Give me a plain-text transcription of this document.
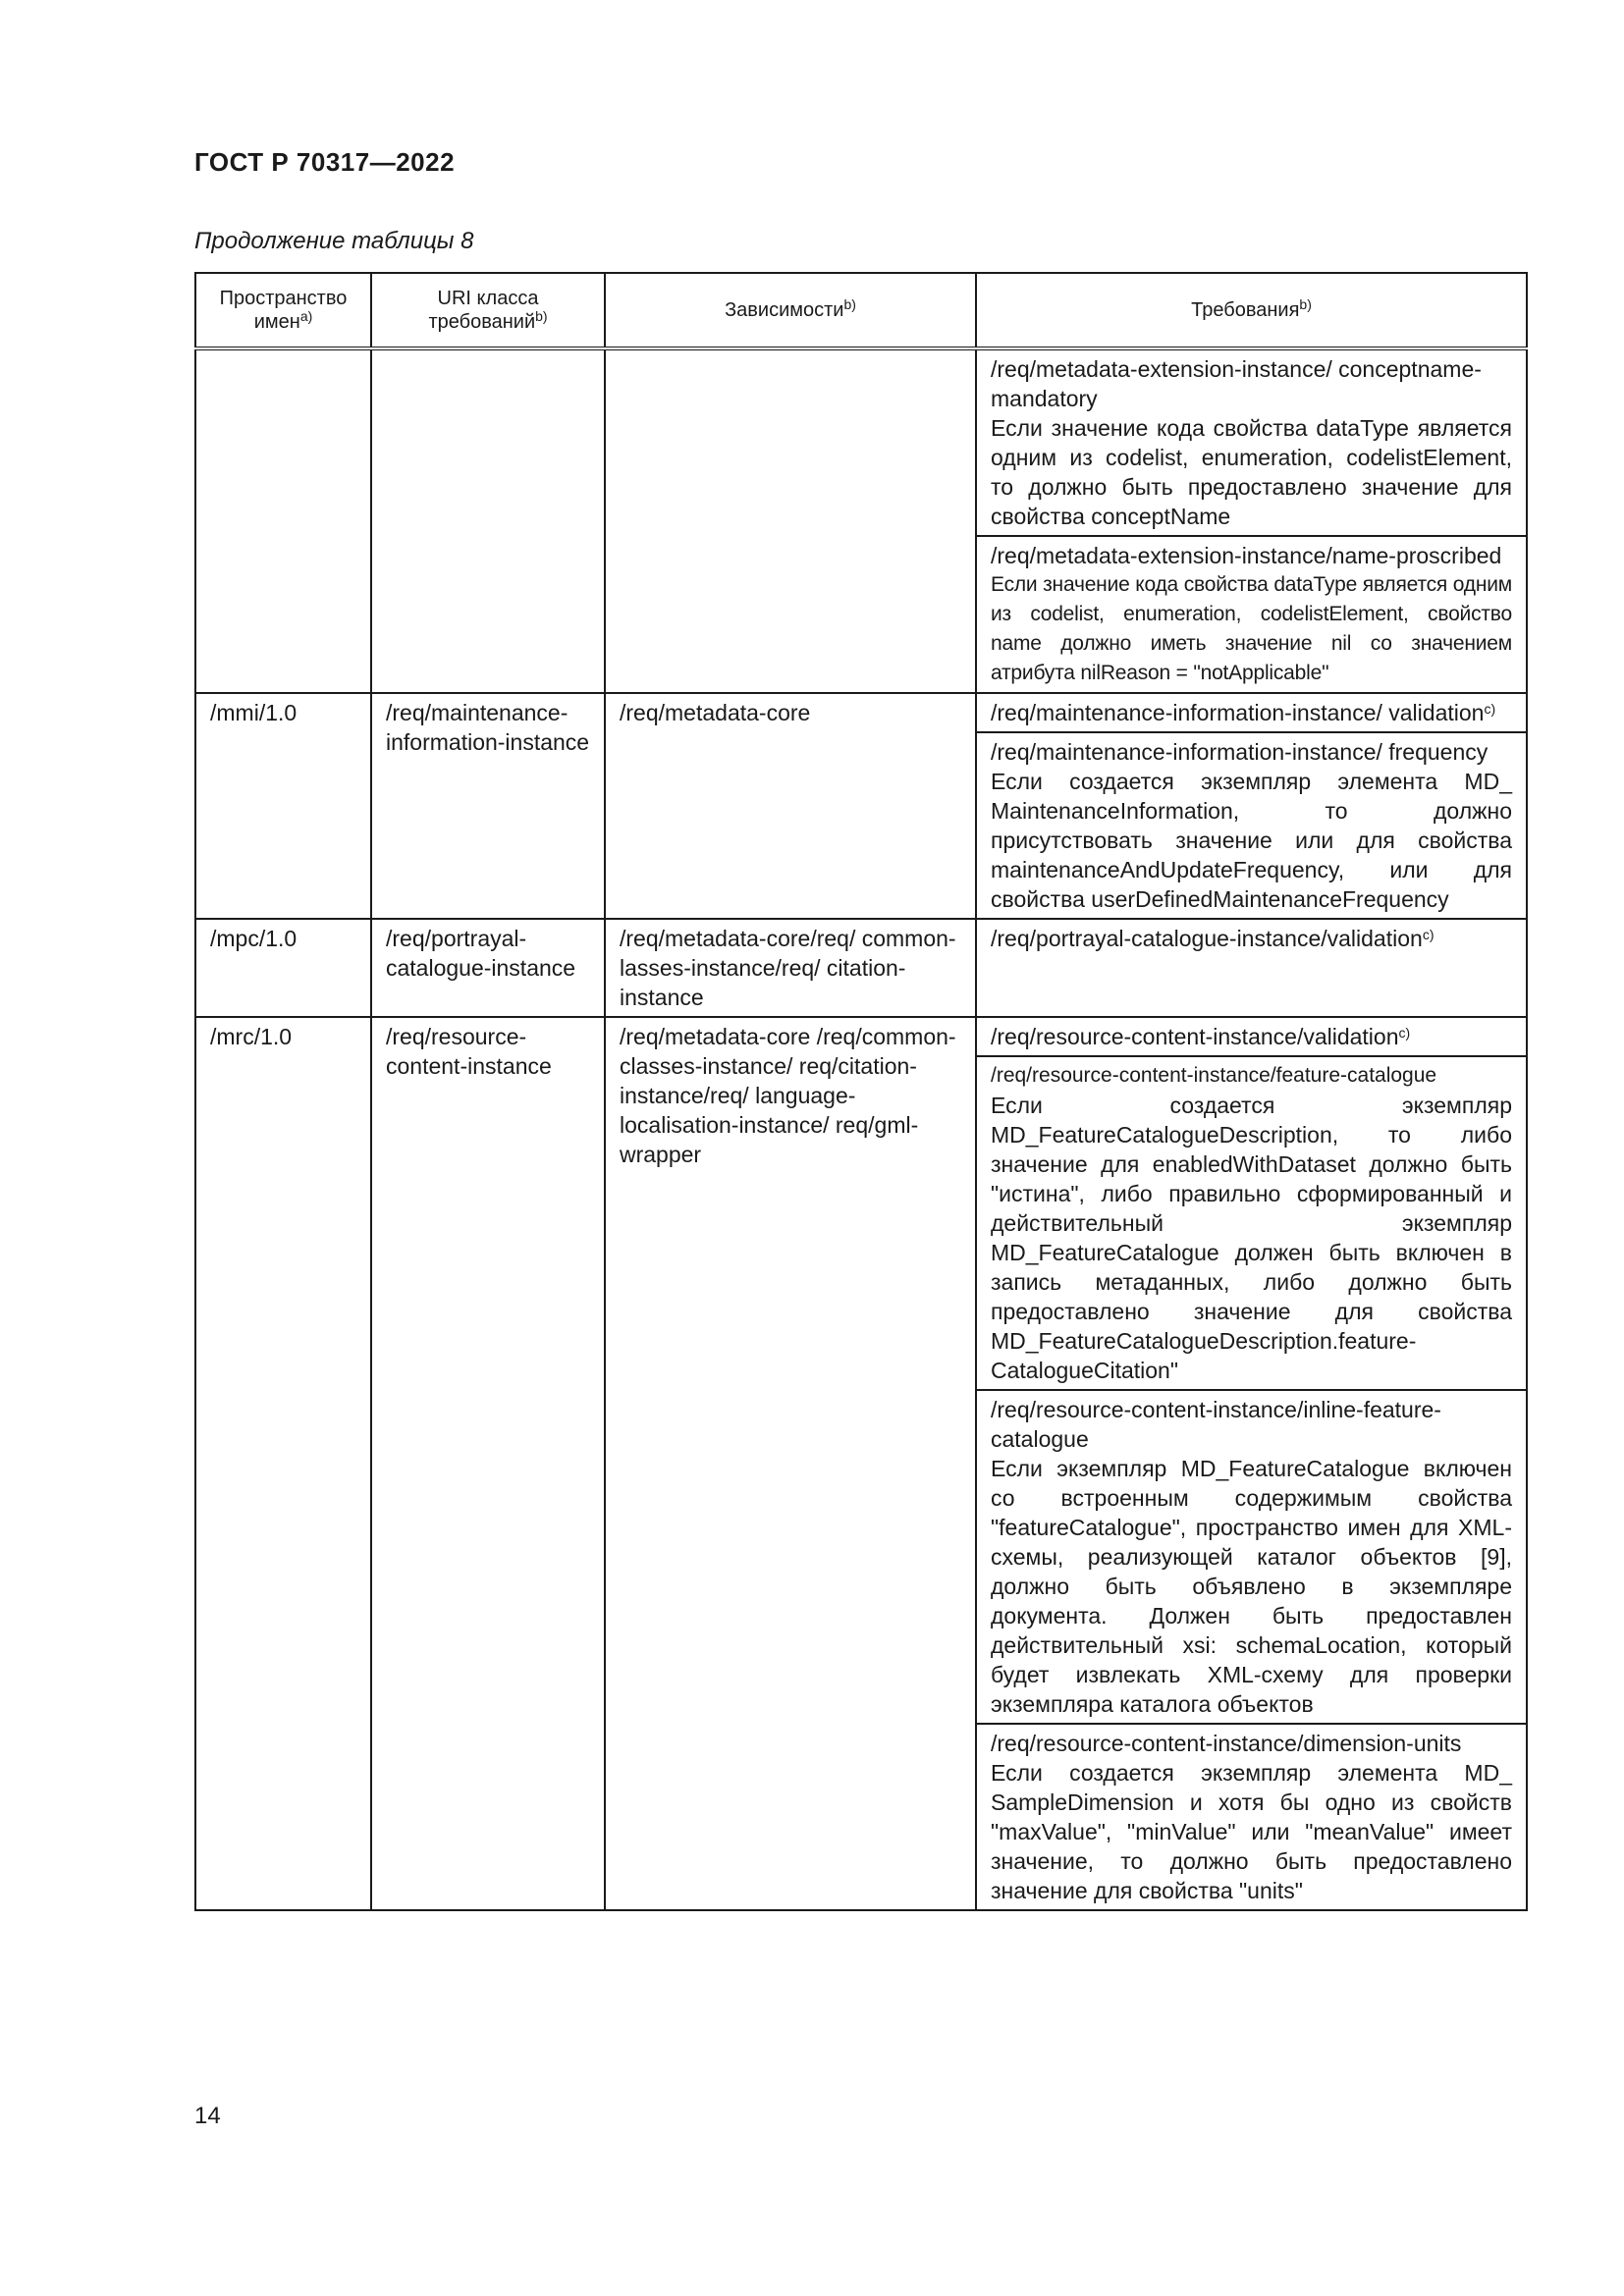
ГОСТ Р 70317—2022
Продолжение таблицы 8
Пространство имен$^{a)}$	URI класса требований$^{b)}$	Зависимости$^{b)}$	Требования$^{b)}$

			/req/metadata-extension-instance/ conceptname-mandatory
Если значение кода свойства dataType является одним из codelist, enumeration, codelistElement, то должно быть предоставлено значение для свойства conceptName

			/req/metadata-extension-instance/name-proscribed
Если значение кода свойства dataType является одним из codelist, enumeration, codelistElement, свойство name должно иметь значение nil со значением атрибута nilReason = "notApplicable"

/mmi/1.0	/req/maintenance-information-instance	/req/metadata-core	/req/maintenance-information-instance/ validation$^{c)}$

			/req/maintenance-information-instance/ frequency
Если создается экземпляр элемента MD_ MaintenanceInformation, то должно присутствовать значение или для свойства maintenanceAndUpdateFrequency, или для свойства userDefinedMaintenanceFrequency

/mpc/1.0	/req/portrayal-catalogue-instance	/req/metadata-core/req/ common-lasses-instance/req/ citation-instance	/req/portrayal-catalogue-instance/validation$^{c)}$

/mrc/1.0	/req/resource-content-instance	/req/metadata-core /req/common-classes-instance/ req/citation-instance/req/ language-localisation-instance/ req/gml-wrapper	/req/resource-content-instance/validation$^{c)}$

			/req/resource-content-instance/feature-catalogue
Если создается экземпляр MD_FeatureCatalogueDescription, то либо значение для enabledWithDataset должно быть "истина", либо правильно сформированный и действительный экземпляр MD_FeatureCatalogue должен быть включен в запись метаданных, либо должно быть предоставлено значение для свойства MD_FeatureCatalogueDescription.feature-CatalogueCitation"

			/req/resource-content-instance/inline-feature-catalogue
Если экземпляр MD_FeatureCatalogue включен со встроенным содержимым свойства "featureCatalogue", пространство имен для XML-схемы, реализующей каталог объектов [9], должно быть объявлено в экземпляре документа. Должен быть предоставлен действительный xsi: schemaLocation, который будет извлекать XML-схему для проверки экземпляра каталога объектов

			/req/resource-content-instance/dimension-units
Если создается экземпляр элемента MD_ SampleDimension и хотя бы одно из свойств "maxValue", "minValue" или "meanValue" имеет значение, то должно быть предоставлено значение для свойства "units"
14
